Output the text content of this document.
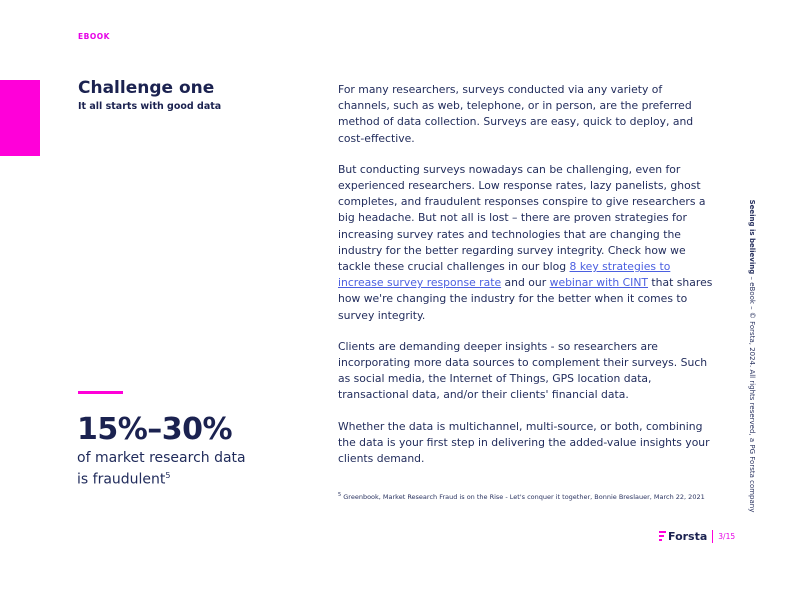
EBOOK
Challenge one
It all starts with good data

For many researchers, surveys conducted via any variety of channels, such as web, telephone, or in person, are the preferred method of data collection. Surveys are easy, quick to deploy, and cost-effective.

But conducting surveys nowadays can be challenging, even for experienced researchers. Low response rates, lazy panelists, ghost completes, and fraudulent responses conspire to give researchers a big headache. But not all is lost – there are proven strategies for increasing survey rates and technologies that are changing the industry for the better regarding survey integrity. Check how we tackle these crucial challenges in our blog 8 key strategies to increase survey response rate and our webinar with CINT that shares how we're changing the industry for the better when it comes to survey integrity.

Clients are demanding deeper insights - so researchers are incorporating more data sources to complement their surveys. Such as social media, the Internet of Things, GPS location data, transactional data, and/or their clients' financial data.

Whether the data is multichannel, multi-source, or both, combining the data is your first step in delivering the added-value insights your clients demand.

15%–30%
of market research data is fraudulent$^5$
$^5$ Greenbook, Market Research Fraud is on the Rise - Let's conquer it together, Bonnie Breslauer, March 22, 2021
Seeing is believing – eBook – © Forsta, 2024. All rights reserved, a PG Forsta company
Forsta 3/15
